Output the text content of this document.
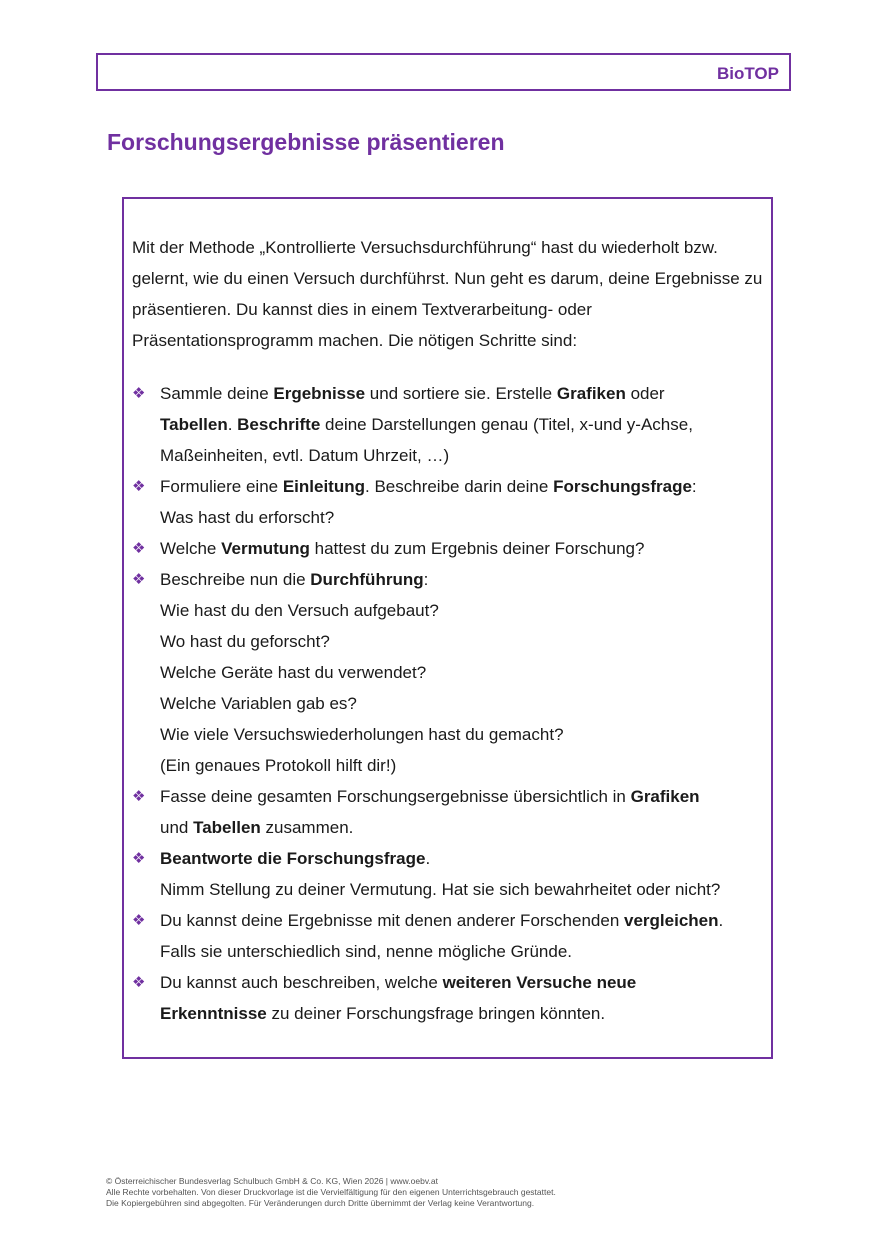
BioTOP
Forschungsergebnisse präsentieren

Mit der Methode „Kontrollierte Versuchsdurchführung“ hast du wiederholt bzw. gelernt, wie du einen Versuch durchführst. Nun geht es darum, deine Ergebnisse zu präsentieren. Du kannst dies in einem Textverarbeitung- oder Präsentationsprogramm machen. Die nötigen Schritte sind:

❖ Sammle deine Ergebnisse und sortiere sie. Erstelle Grafiken oder
Tabellen. Beschrifte deine Darstellungen genau (Titel, x-und y-Achse,
Maßeinheiten, evtl. Datum Uhrzeit, …)
❖ Formuliere eine Einleitung. Beschreibe darin deine Forschungsfrage:
Was hast du erforscht?
❖ Welche Vermutung hattest du zum Ergebnis deiner Forschung?
❖ Beschreibe nun die Durchführung:
Wie hast du den Versuch aufgebaut?
Wo hast du geforscht?
Welche Geräte hast du verwendet?
Welche Variablen gab es?
Wie viele Versuchswiederholungen hast du gemacht?
(Ein genaues Protokoll hilft dir!)
❖ Fasse deine gesamten Forschungsergebnisse übersichtlich in Grafiken
und Tabellen zusammen.
❖ Beantworte die Forschungsfrage.
Nimm Stellung zu deiner Vermutung. Hat sie sich bewahrheitet oder nicht?
❖ Du kannst deine Ergebnisse mit denen anderer Forschenden vergleichen.
Falls sie unterschiedlich sind, nenne mögliche Gründe.
❖ Du kannst auch beschreiben, welche weiteren Versuche neue
Erkenntnisse zu deiner Forschungsfrage bringen könnten.
© Österreichischer Bundesverlag Schulbuch GmbH & Co. KG, Wien 2026 | www.oebv.at
Alle Rechte vorbehalten. Von dieser Druckvorlage ist die Vervielfältigung für den eigenen Unterrichtsgebrauch gestattet.
Die Kopiergebühren sind abgegolten. Für Veränderungen durch Dritte übernimmt der Verlag keine Verantwortung.
